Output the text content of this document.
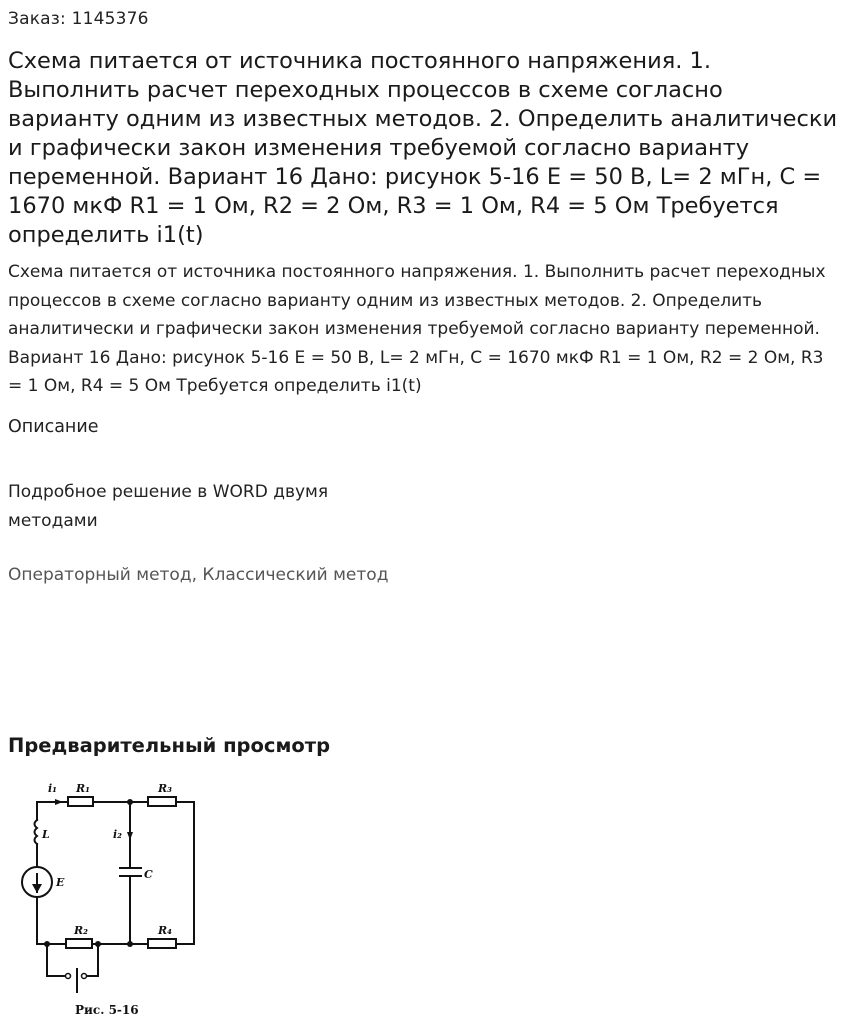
Заказ: 1145376
Схема питается от источника постоянного напряжения. 1. Выполнить расчет переходных процессов в схеме согласно варианту одним из известных методов. 2. Определить аналитически и графически закон изменения требуемой согласно варианту переменной. Вариант 16 Дано: рисунок 5-16 E = 50 В, L= 2 мГн, C = 1670 мкФ R1 = 1 Ом, R2 = 2 Ом, R3 = 1 Ом, R4 = 5 Ом Требуется определить i1(t)

Схема питается от источника постоянного напряжения. 1. Выполнить расчет переходных процессов в схеме согласно варианту одним из известных методов. 2. Определить аналитически и графически закон изменения требуемой согласно варианту переменной. Вариант 16 Дано: рисунок 5-16 E = 50 В, L= 2 мГн, C = 1670 мкФ R1 = 1 Ом, R2 = 2 Ом, R3 = 1 Ом, R4 = 5 Ом Требуется определить i1(t)

Описание
Подробное решение в WORD двумя методами
Операторный метод, Классический метод
Предварительный просмотр
i₁ R₁	R₃
L	i₂
C
E
R₂	R₄
Рис. 5-16
